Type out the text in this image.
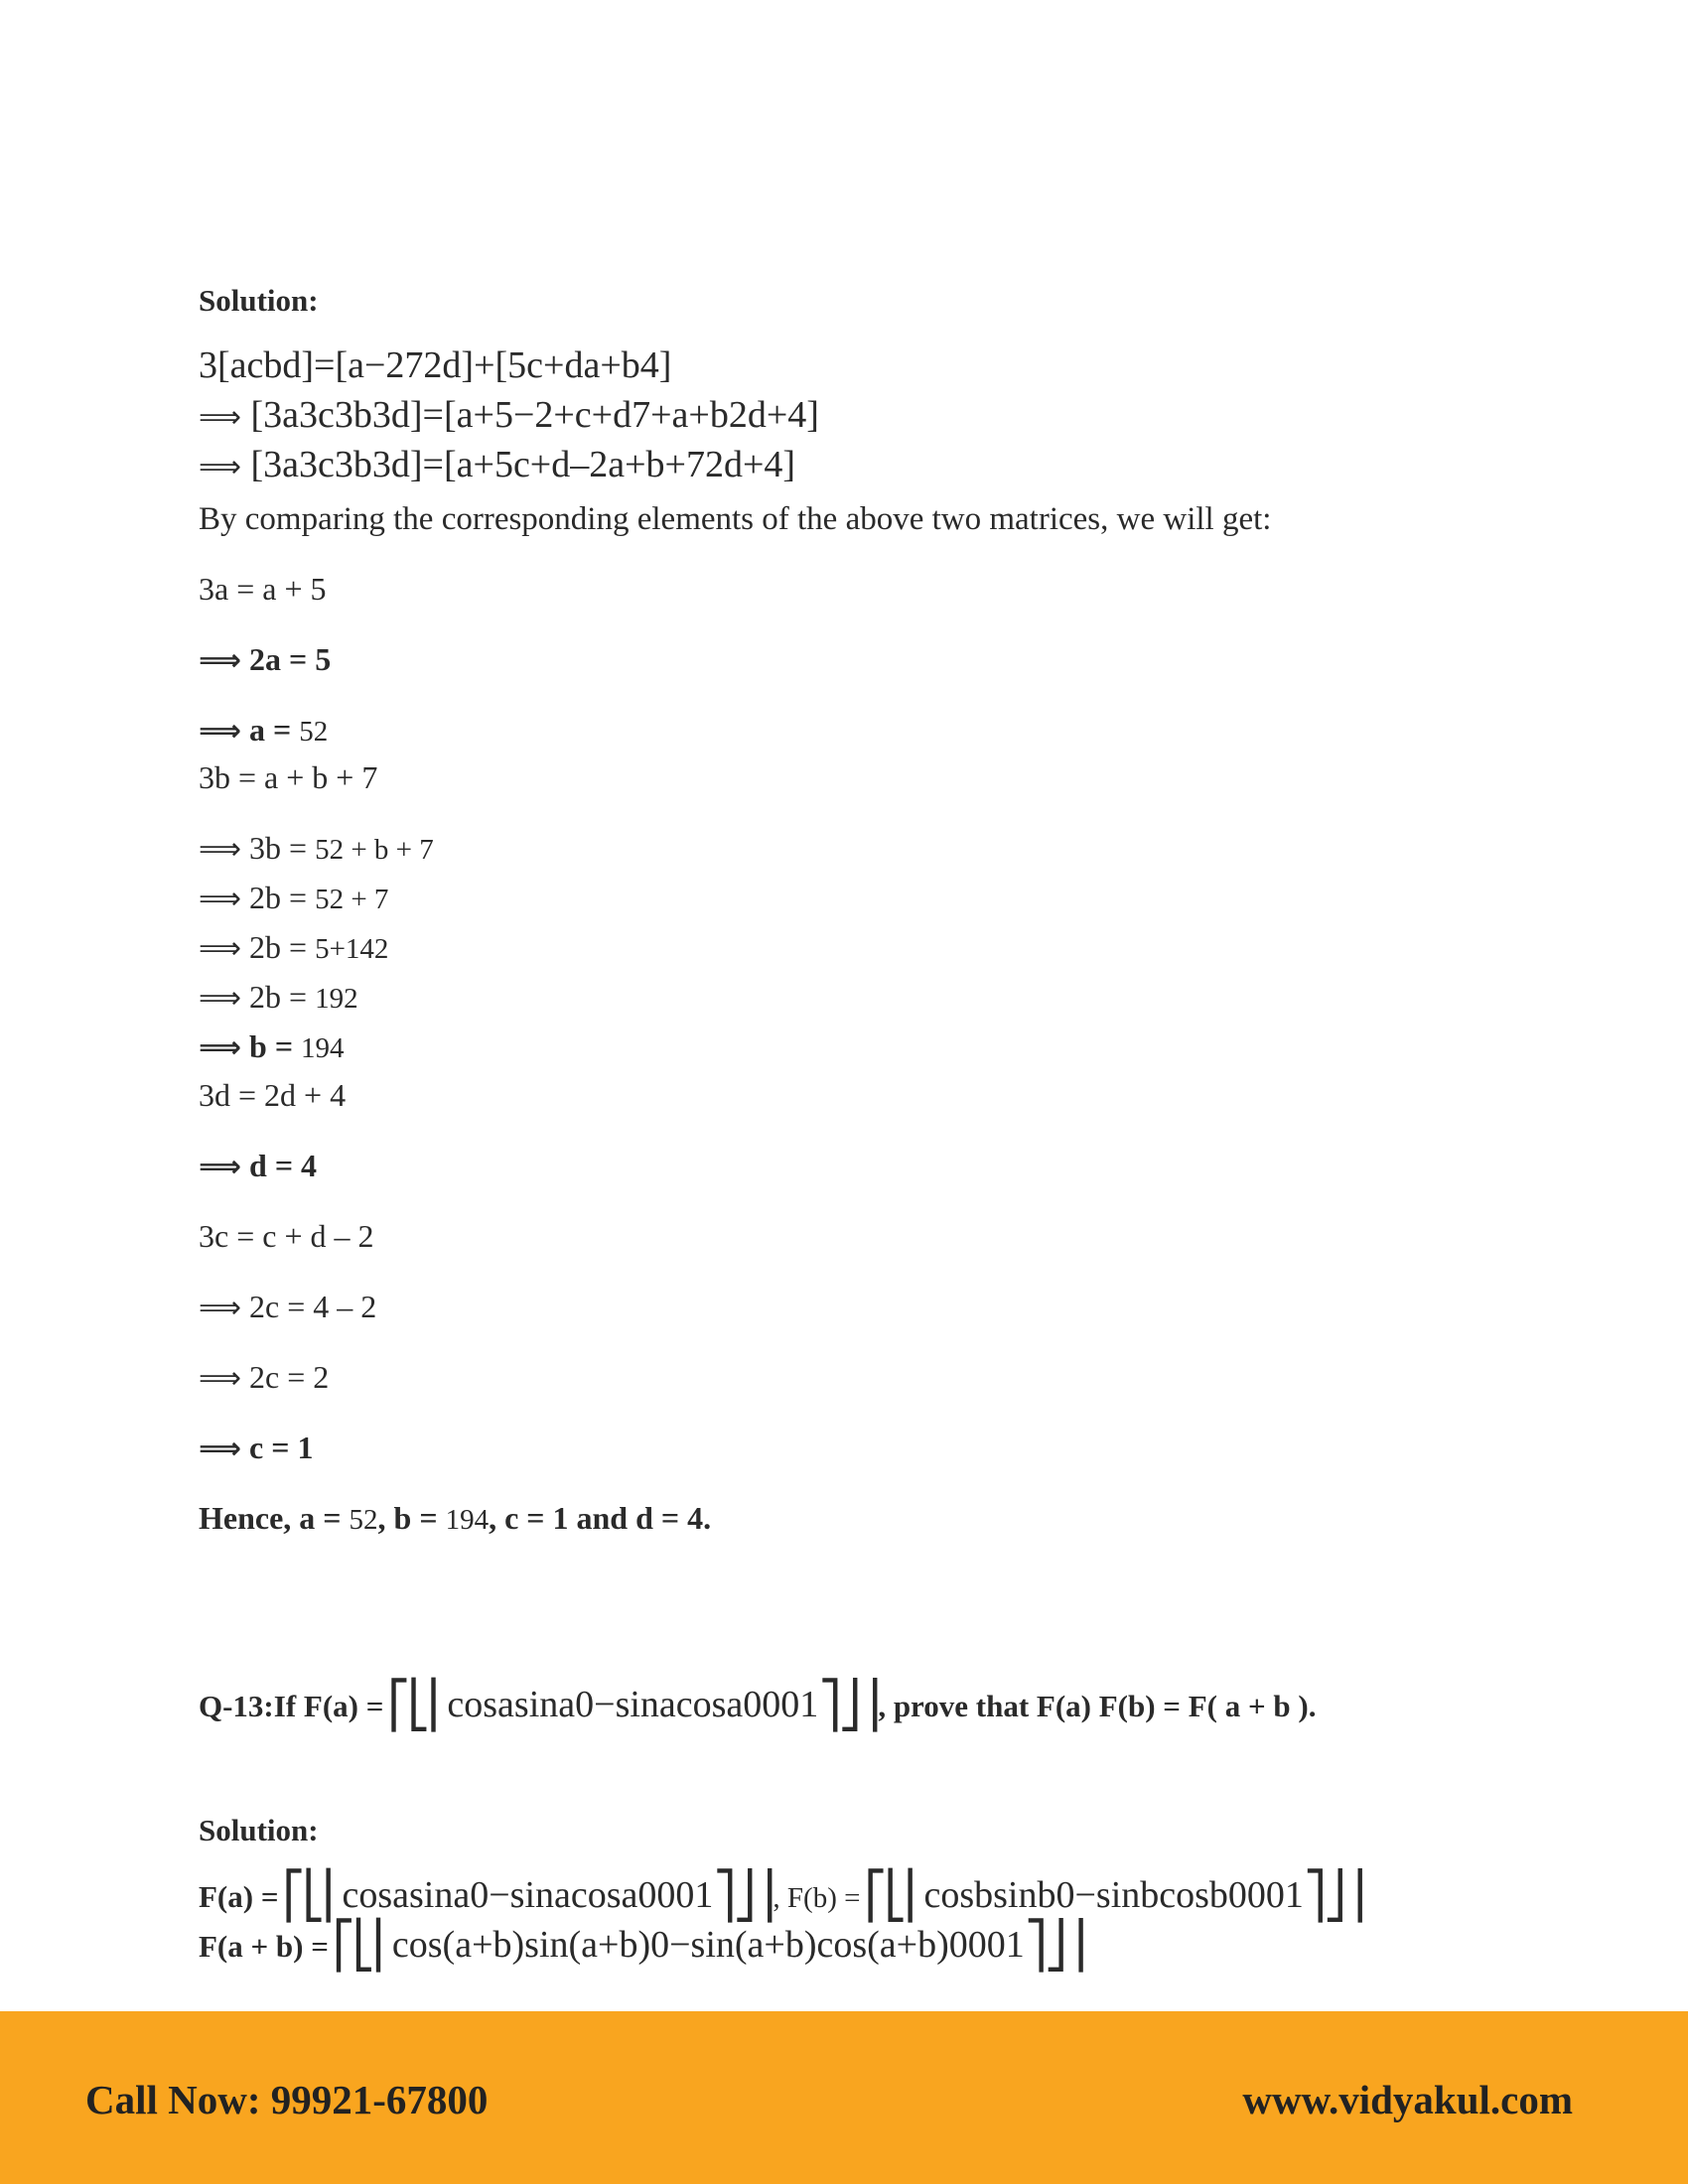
Solution:
3[acbd]=[a−272d]+[5c+da+b4]
⟹ [3a3c3b3d]=[a+5−2+c+d7+a+b2d+4]
⟹ [3a3c3b3d]=[a+5c+d–2a+b+72d+4]
By comparing the corresponding elements of the above two matrices, we will get:
3a = a + 5
⟹ 2a = 5
⟹ a = 52
3b = a + b + 7
⟹ 3b = 52 + b + 7
⟹ 2b = 52 + 7
⟹ 2b = 5+142
⟹ 2b = 192
⟹ b = 194
3d = 2d + 4
⟹ d = 4
3c = c + d – 2
⟹ 2c = 4 – 2
⟹ 2c = 2
⟹ c = 1
Hence, a = 52, b = 194, c = 1 and d = 4.
Q-13:If F(a) = ⎡⎣⎢cosasina0−sinacosa0001⎤⎦⎥, prove that F(a) F(b) = F( a + b ).
Solution:
F(a) = ⎡⎣⎢cosasina0−sinacosa0001⎤⎦⎥, F(b) = ⎡⎣⎢cosbsinb0−sinbcosb0001⎤⎦⎥
F(a + b) = ⎡⎣⎢cos(a+b)sin(a+b)0−sin(a+b)cos(a+b)0001⎤⎦⎥
Call Now: 99921-67800	www.vidyakul.com
